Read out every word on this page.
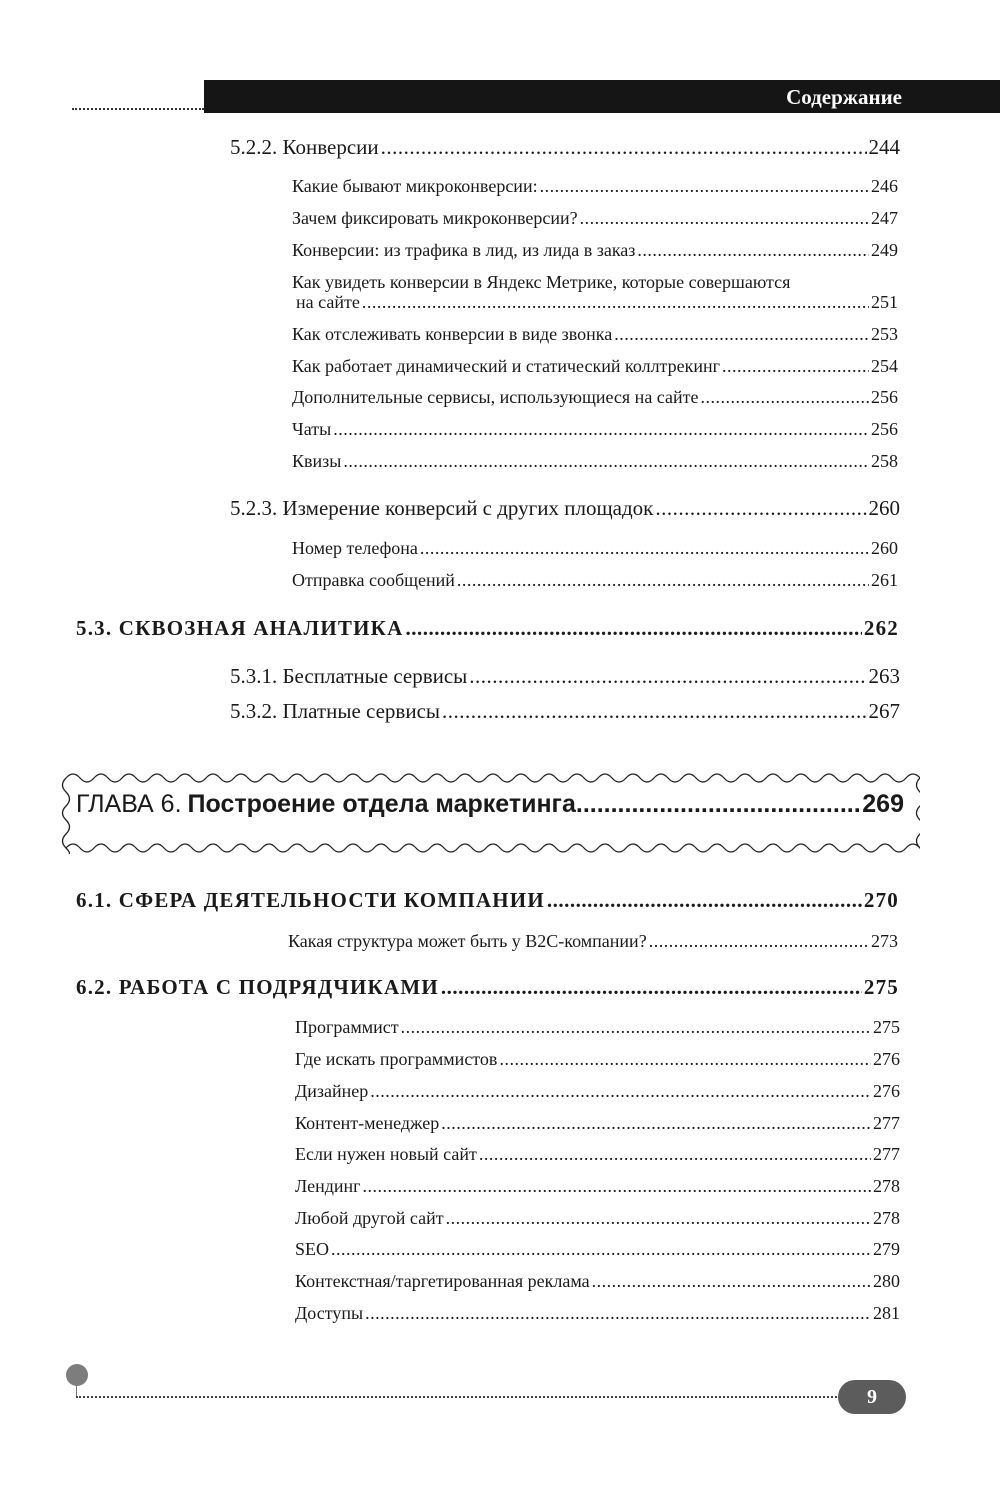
Содержание
5.2.2. Конверсии .....	244
Какие бывают микроконверсии: .....	246
Зачем фиксировать микроконверсии? .....	247
Конверсии: из трафика в лид, из лида в заказ .....	249
Как увидеть конверсии в Яндекс Метрике, которые совершаются
на сайте .....	251
Как отслеживать конверсии в виде звонка .....	253
Как работает динамический и статический коллтрекинг .....	254
Дополнительные сервисы, использующиеся на сайте .....	256
Чаты .....	256
Квизы .....	258
5.2.3. Измерение конверсий с других площадок .....	260
Номер телефона .....	260
Отправка сообщений .....	261
5.3. СКВОЗНАЯ АНАЛИТИКА .....	262
5.3.1. Бесплатные сервисы .....	263
5.3.2. Платные сервисы .....	267
ГЛАВА 6. Построение отдела маркетинга .....	269
6.1. СФЕРА ДЕЯТЕЛЬНОСТИ КОМПАНИИ .....	270
Какая структура может быть у B2C-компании? .....	273
6.2. РАБОТА С ПОДРЯДЧИКАМИ .....	275
Программист .....	275
Где искать программистов .....	276
Дизайнер .....	276
Контент-менеджер .....	277
Если нужен новый сайт .....	277
Лендинг .....	278
Любой другой сайт .....	278
SEO .....	279
Контекстная/таргетированная реклама .....	280
Доступы .....	281
9
